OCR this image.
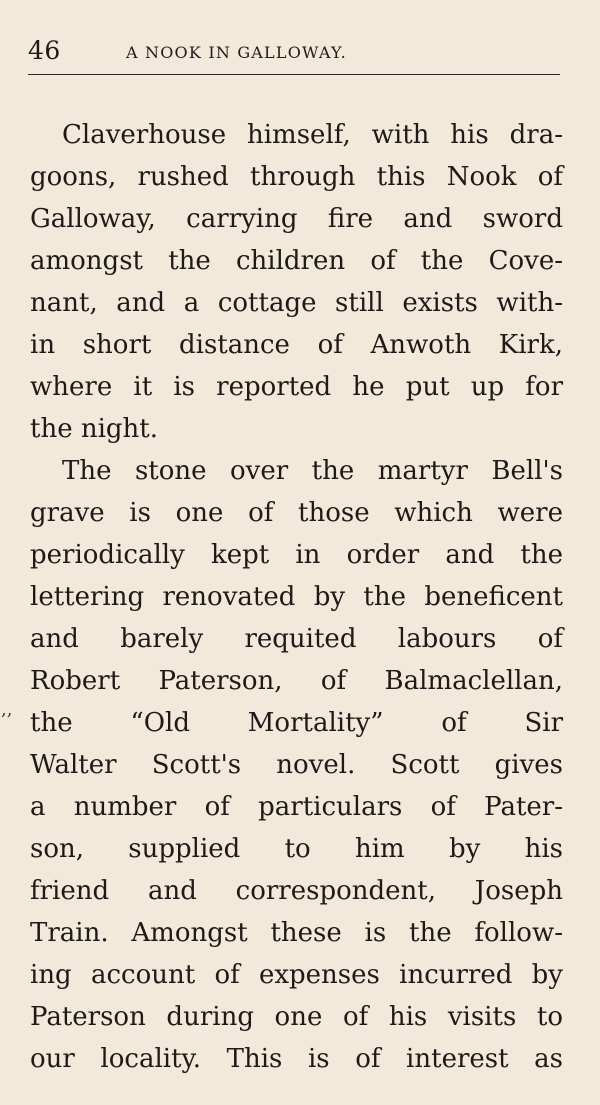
46	A NOOK IN GALLOWAY.
,,
Claverhouse himself, with his dra-
goons, rushed through this Nook of
Galloway, carrying fire and sword
amongst the children of the Cove-
nant, and a cottage still exists with-
in short distance of Anwoth Kirk,
where it is reported he put up for
the night.
The stone over the martyr Bell's
grave is one of those which were
periodically kept in order and the
lettering renovated by the beneficent
and barely requited labours of
Robert Paterson, of Balmaclellan,
the “Old Mortality” of Sir
Walter Scott's novel. Scott gives
a number of particulars of Pater-
son, supplied to him by his
friend and correspondent, Joseph
Train. Amongst these is the follow-
ing account of expenses incurred by
Paterson during one of his visits to
our locality. This is of interest as
